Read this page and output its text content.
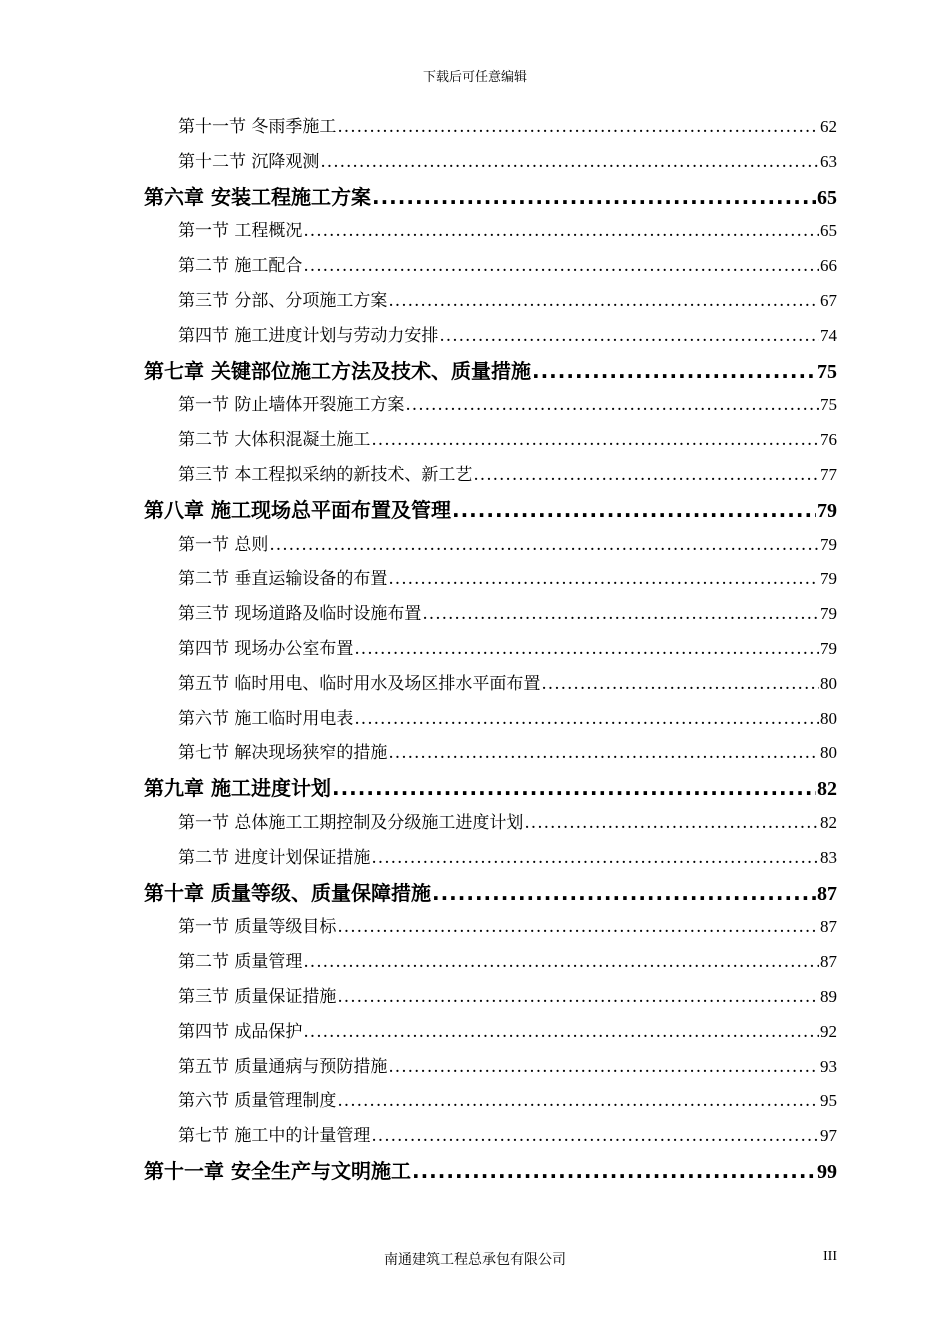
下载后可任意编辑
第十一节 冬雨季施工 .....	62
第十二节 沉降观测 .....	63
第六章 安装工程施工方案 .....	65
第一节 工程概况 .....	65
第二节 施工配合 .....	66
第三节 分部、分项施工方案 .....	67
第四节 施工进度计划与劳动力安排 .....	74
第七章 关键部位施工方法及技术、质量措施 .....	75
第一节 防止墙体开裂施工方案 .....	75
第二节 大体积混凝土施工 .....	76
第三节 本工程拟采纳的新技术、新工艺 .....	77
第八章 施工现场总平面布置及管理 .....	79
第一节 总则 .....	79
第二节 垂直运输设备的布置 .....	79
第三节 现场道路及临时设施布置 .....	79
第四节 现场办公室布置 .....	79
第五节 临时用电、临时用水及场区排水平面布置 .....	80
第六节 施工临时用电表 .....	80
第七节 解决现场狭窄的措施 .....	80
第九章 施工进度计划 .....	82
第一节 总体施工工期控制及分级施工进度计划 .....	82
第二节 进度计划保证措施 .....	83
第十章 质量等级、质量保障措施 .....	87
第一节 质量等级目标 .....	87
第二节 质量管理 .....	87
第三节 质量保证措施 .....	89
第四节 成品保护 .....	92
第五节 质量通病与预防措施 .....	93
第六节 质量管理制度 .....	95
第七节 施工中的计量管理 .....	97
第十一章 安全生产与文明施工 .....	99
南通建筑工程总承包有限公司	III
